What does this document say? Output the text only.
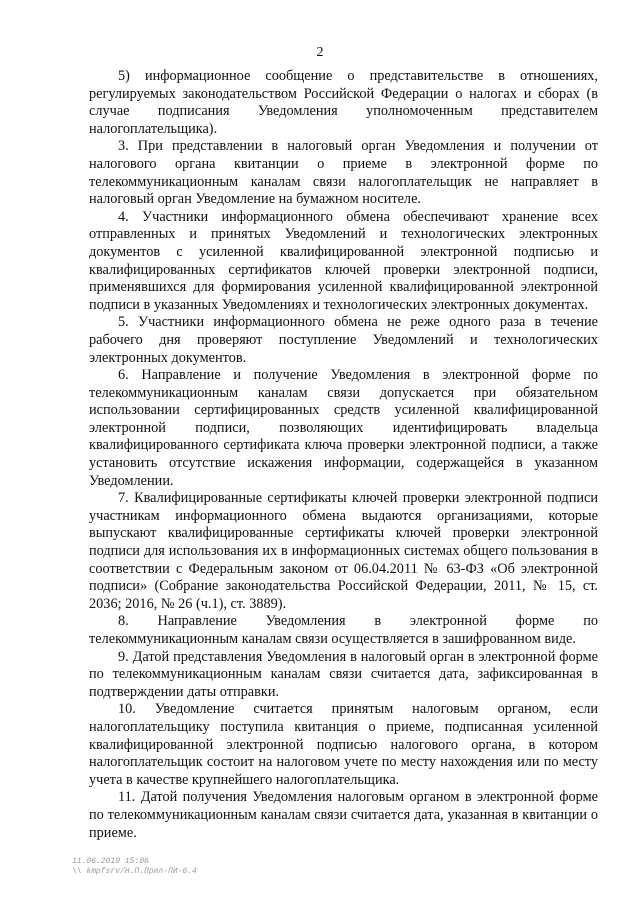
2

5) информационное сообщение о представительстве в отношениях, регулируемых законодательством Российской Федерации о налогах и сборах (в случае подписания Уведомления уполномоченным представителем налогоплательщика).

3. При представлении в налоговый орган Уведомления и получении от налогового органа квитанции о приеме в электронной форме по телекоммуникационным каналам связи налогоплательщик не направляет в налоговый орган Уведомление на бумажном носителе.

4. Участники информационного обмена обеспечивают хранение всех отправленных и принятых Уведомлений и технологических электронных документов с усиленной квалифицированной электронной подписью и квалифицированных сертификатов ключей проверки электронной подписи, применявшихся для формирования усиленной квалифицированной электронной подписи в указанных Уведомлениях и технологических электронных документах.

5. Участники информационного обмена не реже одного раза в течение рабочего дня проверяют поступление Уведомлений и технологических электронных документов.

6. Направление и получение Уведомления в электронной форме по телекоммуникационным каналам связи допускается при обязательном использовании сертифицированных средств усиленной квалифицированной электронной подписи, позволяющих идентифицировать владельца квалифицированного сертификата ключа проверки электронной подписи, а также установить отсутствие искажения информации, содержащейся в указанном Уведомлении.

7. Квалифицированные сертификаты ключей проверки электронной подписи участникам информационного обмена выдаются организациями, которые выпускают квалифицированные сертификаты ключей проверки электронной подписи для использования их в информационных системах общего пользования в соответствии с Федеральным законом от 06.04.2011 № 63-ФЗ «Об электронной подписи» (Собрание законодательства Российской Федерации, 2011, № 15, ст. 2036; 2016, № 26 (ч.1), ст. 3889).

8. Направление Уведомления в электронной форме по телекоммуникационным каналам связи осуществляется в зашифрованном виде.

9. Датой представления Уведомления в налоговый орган в электронной форме по телекоммуникационным каналам связи считается дата, зафиксированная в подтверждении даты отправки.

10. Уведомление считается принятым налоговым органом, если налогоплательщику поступила квитанция о приеме, подписанная усиленной квалифицированной электронной подписью налогового органа, в котором налогоплательщик состоит на налоговом учете по месту нахождения или по месту учета в качестве крупнейшего налогоплательщика.

11. Датой получения Уведомления налоговым органом в электронной форме по телекоммуникационным каналам связи считается дата, указанная в квитанции о приеме.

11.06.2019 15:06
\\ kmpfsrv/Н.П.Прил-ПИ-6.4
